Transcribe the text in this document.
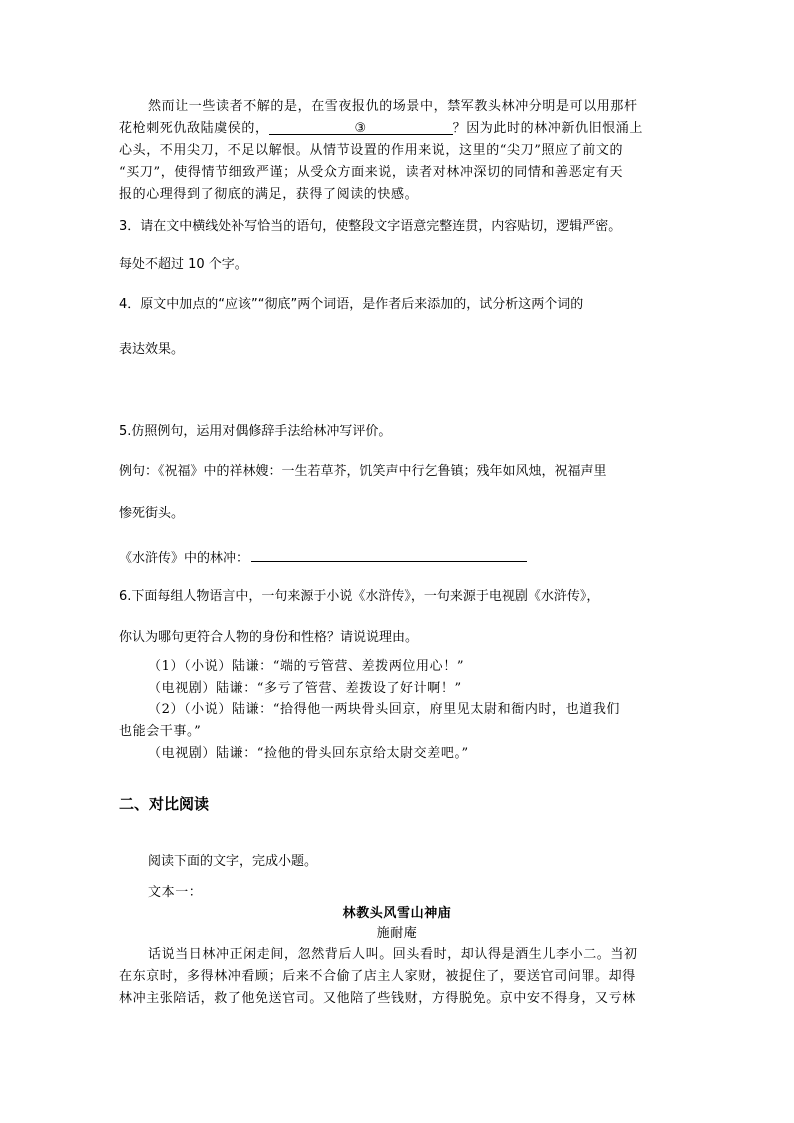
然而让一些读者不解的是，在雪夜报仇的场景中，禁军教头林冲分明是可以用那杆
花枪刺死仇敌陆虞侯的，	③	？因为此时的林冲新仇旧恨涌上
心头，不用尖刀，不足以解恨。从情节设置的作用来说，这里的“尖刀”照应了前文的
“买刀”，使得情节细致严谨；从受众方面来说，读者对林冲深切的同情和善恶定有天
报的心理得到了彻底的满足，获得了阅读的快感。
3．请在文中横线处补写恰当的语句，使整段文字语意完整连贯，内容贴切，逻辑严密。
每处不超过 10 个字。
4．原文中加点的“应该”“彻底”两个词语，是作者后来添加的，试分析这两个词的
表达效果。
5.仿照例句，运用对偶修辞手法给林冲写评价。
例句：《祝福》中的祥林嫂：一生若草芥，饥笑声中行乞鲁镇；残年如风烛，祝福声里
惨死街头。
《水浒传》中的林冲：
6.下面每组人物语言中，一句来源于小说《水浒传》，一句来源于电视剧《水浒传》，
你认为哪句更符合人物的身份和性格？请说说理由。
（1）（小说）陆谦：“端的亏管营、差拨两位用心！”
（电视剧）陆谦：“多亏了管营、差拨设了好计啊！”
（2）（小说）陆谦：“拾得他一两块骨头回京，府里见太尉和衙内时，也道我们
也能会干事。”
（电视剧）陆谦：“捡他的骨头回东京给太尉交差吧。”
二、对比阅读
阅读下面的文字，完成小题。
文本一：
林教头风雪山神庙
施耐庵
话说当日林冲正闲走间，忽然背后人叫。回头看时，却认得是酒生儿李小二。当初
在东京时，多得林冲看顾；后来不合偷了店主人家财，被捉住了，要送官司问罪。却得
林冲主张陪话，救了他免送官司。又他陪了些钱财，方得脱免。京中安不得身，又亏林
